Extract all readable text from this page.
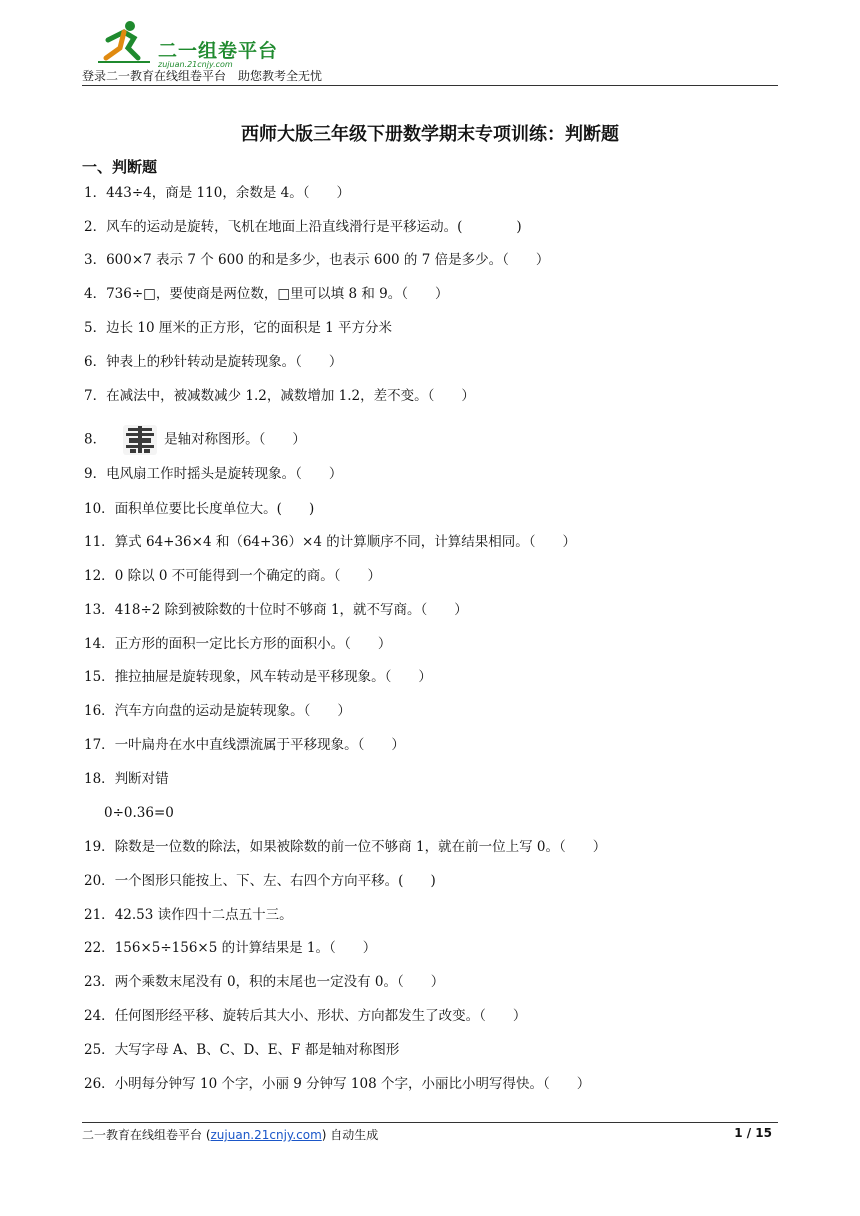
二一组卷平台
zujuan.21cnjy.com
登录二一教育在线组卷平台　助您教考全无忧
西师大版三年级下册数学期末专项训练：判断题
一、判断题
1．443÷4，商是 110，余数是 4。（　　）
2．风车的运动是旋转，飞机在地面上沿直线滑行是平移运动。(　　　　)
3．600×7 表示 7 个 600 的和是多少，也表示 600 的 7 倍是多少。（　　）
4．736÷□，要使商是两位数，□里可以填 8 和 9。（　　）
5．边长 10 厘米的正方形，它的面积是 1 平方分米
6．钟表上的秒针转动是旋转现象。（　　）
7．在减法中，被减数减少 1.2，减数增加 1.2，差不变。（　　）
8．	是轴对称图形。（　　）
9．电风扇工作时摇头是旋转现象。（　　）
10．面积单位要比长度单位大。(　　)
11．算式 64+36×4 和（64+36）×4 的计算顺序不同，计算结果相同。（　　）
12．0 除以 0 不可能得到一个确定的商。（　　）
13．418÷2 除到被除数的十位时不够商 1，就不写商。（　　）
14．正方形的面积一定比长方形的面积小。（　　）
15．推拉抽屉是旋转现象，风车转动是平移现象。（　　）
16．汽车方向盘的运动是旋转现象。（　　）
17．一叶扁舟在水中直线漂流属于平移现象。（　　）
18．判断对错
19．除数是一位数的除法，如果被除数的前一位不够商 1，就在前一位上写 0。（　　）
20．一个图形只能按上、下、左、右四个方向平移。(　　)
21．42.53 读作四十二点五十三。
22．156×5÷156×5 的计算结果是 1。（　　）
23．两个乘数末尾没有 0，积的末尾也一定没有 0。（　　）
24．任何图形经平移、旋转后其大小、形状、方向都发生了改变。（　　）
25．大写字母 A、B、C、D、E、F 都是轴对称图形
26．小明每分钟写 10 个字，小丽 9 分钟写 108 个字，小丽比小明写得快。（　　）
0÷0.36=0
二一教育在线组卷平台 (zujuan.21cnjy.com) 自动生成	1 / 15
